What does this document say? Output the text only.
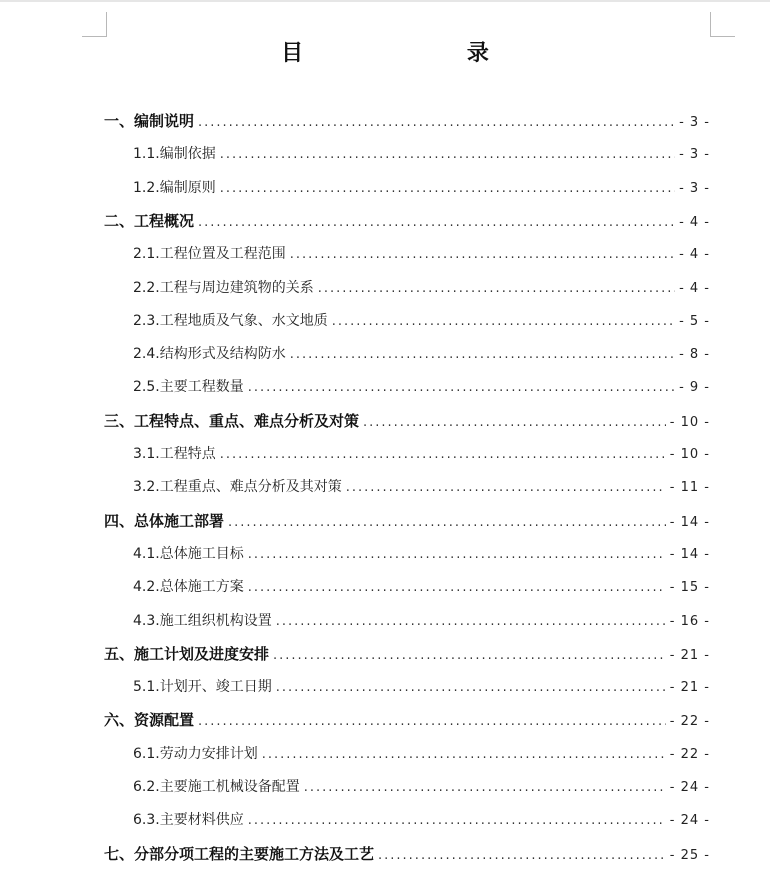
目 录
一、编制说明 .....	- 3 -
1.1.编制依据 .....	- 3 -
1.2.编制原则 .....	- 3 -
二、工程概况 .....	- 4 -
2.1.工程位置及工程范围 .....	- 4 -
2.2.工程与周边建筑物的关系 .....	- 4 -
2.3.工程地质及气象、水文地质 .....	- 5 -
2.4.结构形式及结构防水 .....	- 8 -
2.5.主要工程数量 .....	- 9 -
三、工程特点、重点、难点分析及对策 .....	- 10 -
3.1.工程特点 .....	- 10 -
3.2.工程重点、难点分析及其对策 .....	- 11 -
四、总体施工部署 .....	- 14 -
4.1.总体施工目标 .....	- 14 -
4.2.总体施工方案 .....	- 15 -
4.3.施工组织机构设置 .....	- 16 -
五、施工计划及进度安排 .....	- 21 -
5.1.计划开、竣工日期 .....	- 21 -
六、资源配置 .....	- 22 -
6.1.劳动力安排计划 .....	- 22 -
6.2.主要施工机械设备配置 .....	- 24 -
6.3.主要材料供应 .....	- 24 -
七、分部分项工程的主要施工方法及工艺 .....	- 25 -
